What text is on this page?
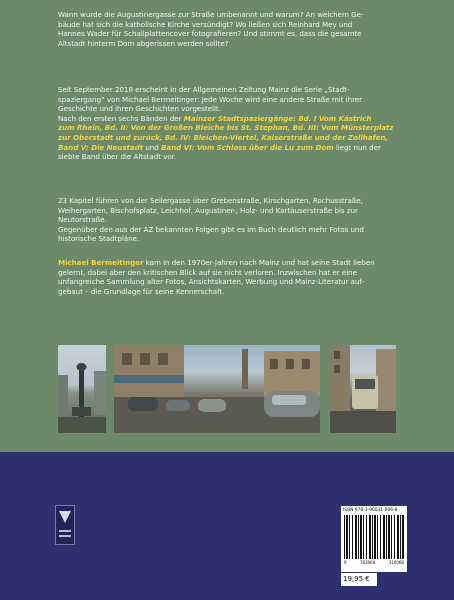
Wann wurde die Augustinergasse zur Straße umbenannt und warum? An welchem Ge-

bäude hat sich die katholische Kirche versündigt? Wo ließen sich Reinhard Mey und

Hannes Wader für Schallplattencover fotografieren? Und stimmt es, dass die gesamte

Altstadt hinterm Dom abgerissen werden sollte?

Seit September 2018 erscheint in der Allgemeinen Zeitung Mainz die Serie „Stadt-

spaziergang“ von Michael Bermeitinger: Jede Woche wird eine andere Straße mit ihrer

Geschichte und ihren Geschichten vorgestellt.

Nach den ersten sechs Bänden der Mainzer Stadtspaziergänge: Bd. I Vom Kästrich

zum Rhein, Bd. II: Von der Großen Bleiche bis St. Stephan, Bd. III: Vom Münsterplatz

zur Oberstadt und zurück, Bd. IV: Bleichen-Viertel, Kaiserstraße und der Zollhafen,

Band V: Die Neustadt und Band VI: Vom Schloss über die Lu zum Dom liegt nun der

siebte Band über die Altstadt vor.

23 Kapitel führen von der Seilergasse über Grebenstraße, Kirschgarten, Rochusstraße,

Weihergarten, Bischofsplatz, Leichhof, Augustiner-, Holz- und Kartäuserstraße bis zur

Neutorstraße.

Gegenüber den aus der AZ bekannten Folgen gibt es im Buch deutlich mehr Fotos und

historische Stadtpläne.

Michael Bermeitinger kam in den 1970er-Jahren nach Mainz und hat seine Stadt lieben

gelernt, dabei aber den kritischen Blick auf sie nicht verloren. Inzwischen hat er eine

unfangreiche Sammlung alter Fotos, Ansichtskarten, Werbung und Mainz-Literatur auf-

gebaut – die Grundlage für seine Kennerschaft.

ISBN 978-3-96031-006-8
9	783960	310068
19,95 €
